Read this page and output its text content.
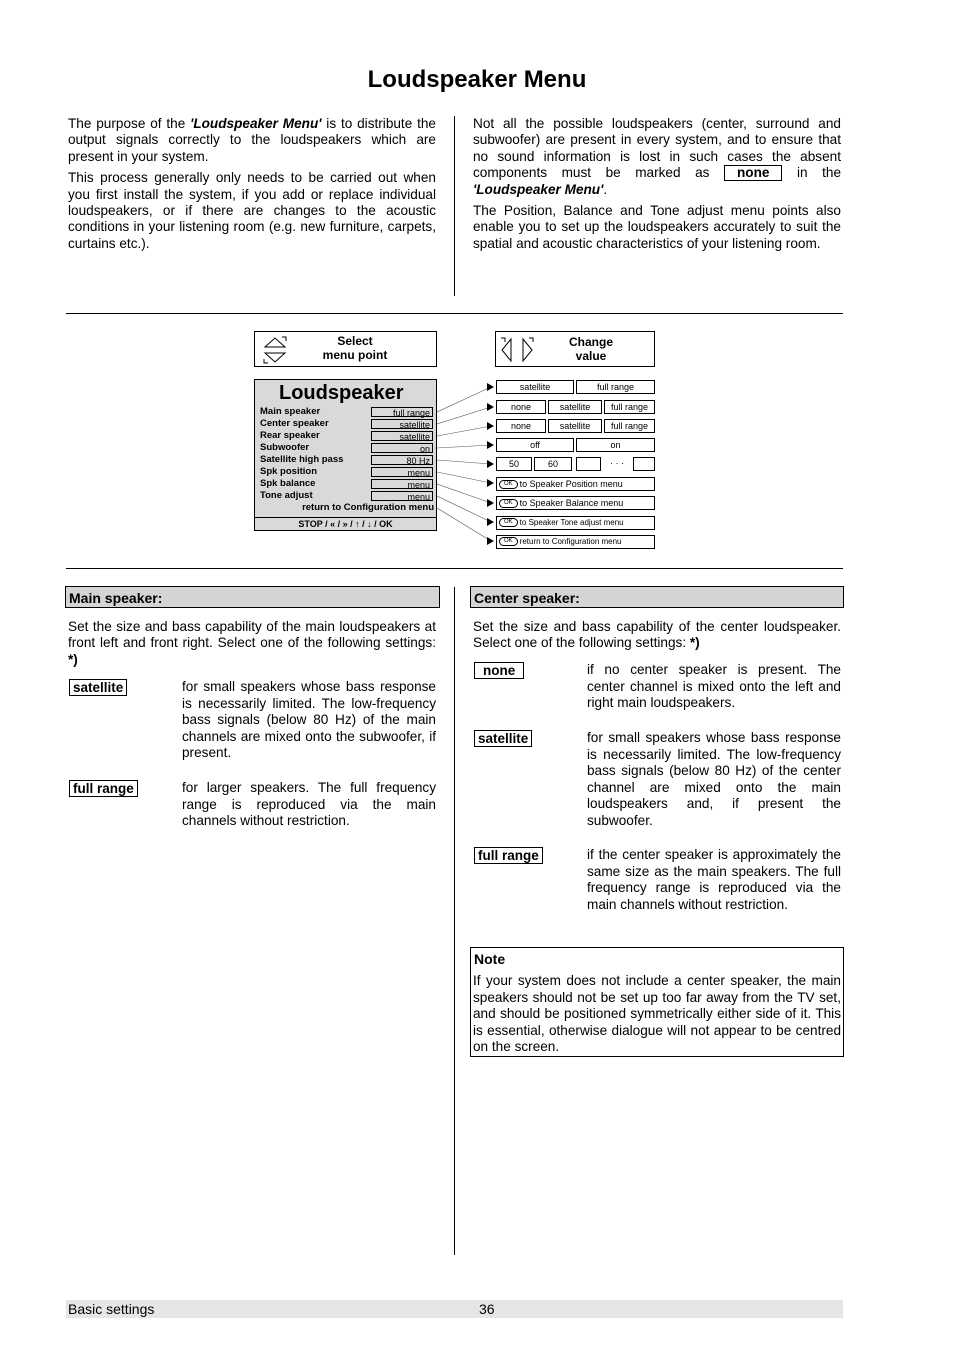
Loudspeaker Menu

The purpose of the 'Loudspeaker Menu' is to distribute the output signals correctly to the loudspeakers which are present in your system.

This process generally only needs to be carried out when you first install the system, if you add or replace individual loudspeakers, or if there are changes to the acoustic conditions in your listening room (e.g. new furniture, carpets, curtains etc.).

Not all the possible loudspeakers (center, surround and subwoofer) are present in every system, and to ensure that no sound information is lost in such cases the absent components must be marked as none in the 'Loudspeaker Menu'.

The Position, Balance and Tone adjust menu points also enable you to set up the loudspeakers accurately to suit the spatial and acoustic characteristics of your listening room.

Select
menu point
Change
value
Loudspeaker
Main speaker	full range
Center speaker	satellite
Rear speaker	satellite
Subwoofer	on
Satellite high pass	80 Hz
Spk position	menu
Spk balance	menu
Tone adjust	menu
return to Configuration menu
STOP / « / » / ↑ / ↓ / OK
satellite	full range
none	satellite	full range
none	satellite	full range
off	on
50	60	· · ·
OK to Speaker Position menu
OK to Speaker Balance menu
OK to Speaker Tone adjust menu
OK return to Configuration menu
Main speaker:

Set the size and bass capability of the main loudspeakers at front left and front right. Select one of the following settings: *)

satellite	for small speakers whose bass response is necessarily limited. The low-frequency bass signals (below 80 Hz) of the main channels are mixed onto the subwoofer, if present.

full range	for larger speakers. The full frequency range is reproduced via the main channels without restriction.

Center speaker:

Set the size and bass capability of the center loudspeaker. Select one of the following settings: *)

none	if no center speaker is present. The center channel is mixed onto the left and right main loudspeakers.

satellite	for small speakers whose bass response is necessarily limited. The low-frequency bass signals (below 80 Hz) of the center channel are mixed onto the main loudspeakers and, if present the subwoofer.

full range	if the center speaker is approximately the same size as the main speakers. The full frequency range is reproduced via the main channels without restriction.

Note

If your system does not include a center speaker, the main speakers should not be set up too far away from the TV set, and should be positioned symmetrically either side of it. This is essential, otherwise dialogue will not appear to be centred on the screen.

Basic settings	36
